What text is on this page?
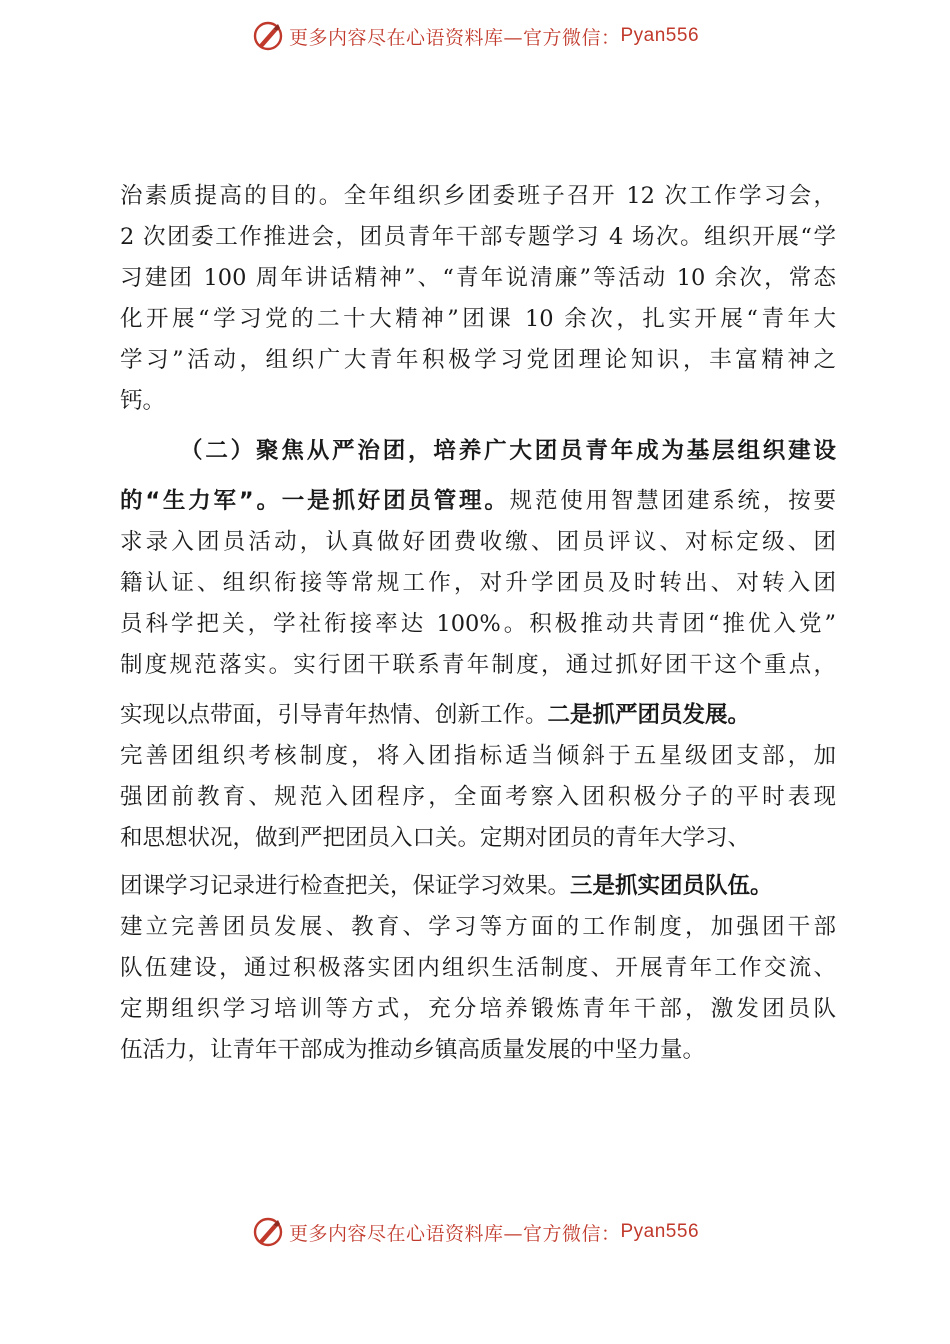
更多内容尽在心语资料库—官方微信： Pyan556
治素质提高的目的。全年组织乡团委班子召开 12 次工作学习会，
2 次团委工作推进会，团员青年干部专题学习 4 场次。组织开展“学
习建团 100 周年讲话精神”、“青年说清廉”等活动 10 余次，常态
化开展“学习党的二十大精神”团课 10 余次，扎实开展“青年大
学习”活动，组织广大青年积极学习党团理论知识，丰富精神之
钙。
（二）聚焦从严治团，培养广大团员青年成为基层组织建设
的“生力军”。一是抓好团员管理。规范使用智慧团建系统，按要
求录入团员活动，认真做好团费收缴、团员评议、对标定级、团
籍认证、组织衔接等常规工作，对升学团员及时转出、对转入团
员科学把关，学社衔接率达 100%。积极推动共青团“推优入党”
制度规范落实。实行团干联系青年制度，通过抓好团干这个重点，
实现以点带面，引导青年热情、创新工作。二是抓严团员发展。
完善团组织考核制度，将入团指标适当倾斜于五星级团支部，加
强团前教育、规范入团程序，全面考察入团积极分子的平时表现
和思想状况，做到严把团员入口关。定期对团员的青年大学习、
团课学习记录进行检查把关，保证学习效果。三是抓实团员队伍。
建立完善团员发展、教育、学习等方面的工作制度，加强团干部
队伍建设，通过积极落实团内组织生活制度、开展青年工作交流、
定期组织学习培训等方式，充分培养锻炼青年干部，激发团员队
伍活力，让青年干部成为推动乡镇高质量发展的中坚力量。
更多内容尽在心语资料库—官方微信： Pyan556
